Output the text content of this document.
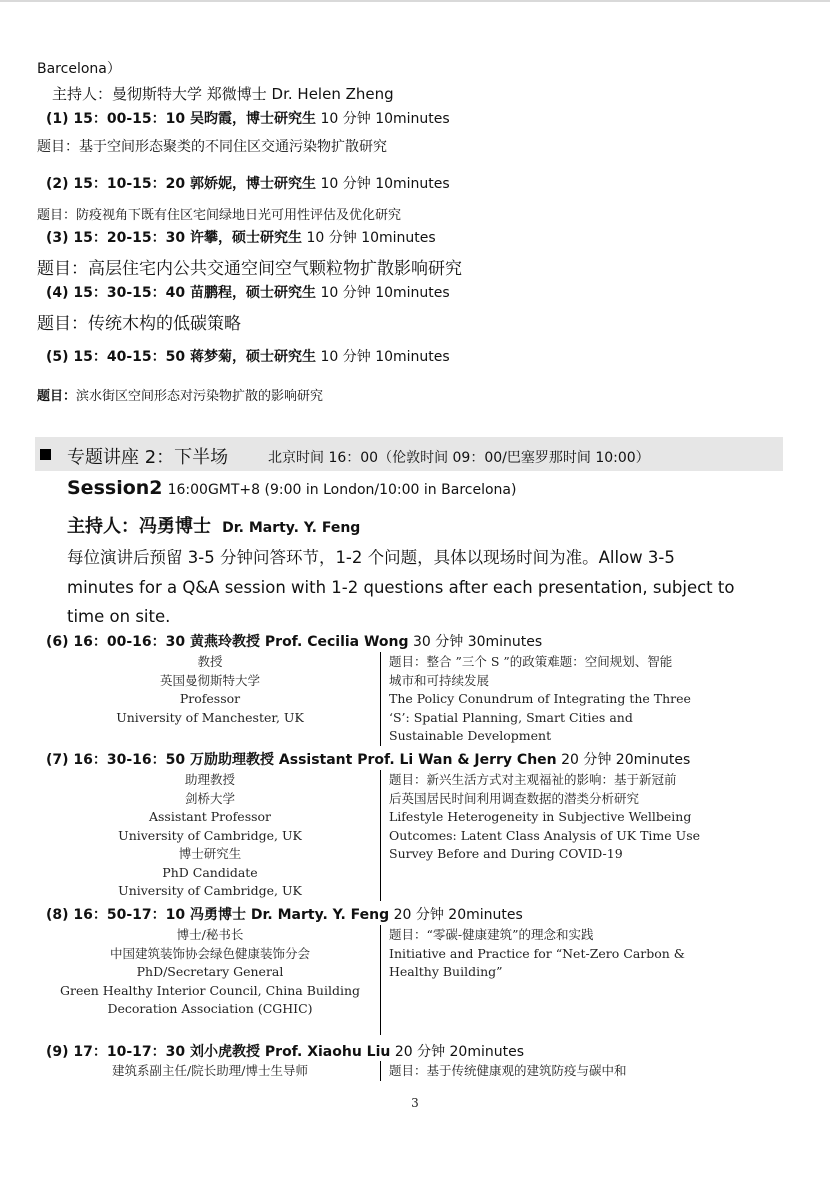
Barcelona）
主持人：曼彻斯特大学 郑微博士 Dr. Helen Zheng
(1) 15：00-15：10 吴昀霞，博士研究生 10 分钟 10minutes
题目：基于空间形态聚类的不同住区交通污染物扩散研究
(2) 15：10-15：20 郭娇妮，博士研究生 10 分钟 10minutes
题目：防疫视角下既有住区宅间绿地日光可用性评估及优化研究
(3) 15：20-15：30 许攀，硕士研究生 10 分钟 10minutes
题目：高层住宅内公共交通空间空气颗粒物扩散影响研究
(4) 15：30-15：40 苗鹏程，硕士研究生 10 分钟 10minutes
题目：传统木构的低碳策略
(5) 15：40-15：50 蒋梦菊，硕士研究生 10 分钟 10minutes
题目：滨水街区空间形态对污染物扩散的影响研究
专题讲座 2：下半场	北京时间 16：00（伦敦时间 09：00/巴塞罗那时间 10:00）
Session2 16:00GMT+8 (9:00 in London/10:00 in Barcelona)
主持人：冯勇博士 Dr. Marty. Y. Feng
每位演讲后预留 3-5 分钟问答环节，1-2 个问题，具体以现场时间为准。Allow 3-5
minutes for a Q&A session with 1-2 questions after each presentation, subject to
time on site.
(6) 16：00-16：30 黄燕玲教授 Prof. Cecilia Wong 30 分钟 30minutes
教授
英国曼彻斯特大学
Professor
University of Manchester, UK
题目：整合 ”三个 S ”的政策难题：空间规划、智能
城市和可持续发展
The Policy Conundrum of Integrating the Three
‘S’: Spatial Planning, Smart Cities and
Sustainable Development
(7) 16：30-16：50 万励助理教授 Assistant Prof. Li Wan & Jerry Chen 20 分钟 20minutes
助理教授
剑桥大学
Assistant Professor
University of Cambridge, UK
博士研究生
PhD Candidate
University of Cambridge, UK
题目：新兴生活方式对主观福祉的影响：基于新冠前
后英国居民时间利用调查数据的潜类分析研究
Lifestyle Heterogeneity in Subjective Wellbeing
Outcomes: Latent Class Analysis of UK Time Use
Survey Before and During COVID-19
(8) 16：50-17：10 冯勇博士 Dr. Marty. Y. Feng 20 分钟 20minutes
博士/秘书长
中国建筑装饰协会绿色健康装饰分会
PhD/Secretary General
Green Healthy Interior Council, China Building
Decoration Association (CGHIC)
题目：“零碳-健康建筑”的理念和实践
Initiative and Practice for “Net-Zero Carbon &
Healthy Building”
(9) 17：10-17：30 刘小虎教授 Prof. Xiaohu Liu 20 分钟 20minutes
建筑系副主任/院长助理/博士生导师	题目：基于传统健康观的建筑防疫与碳中和
3
